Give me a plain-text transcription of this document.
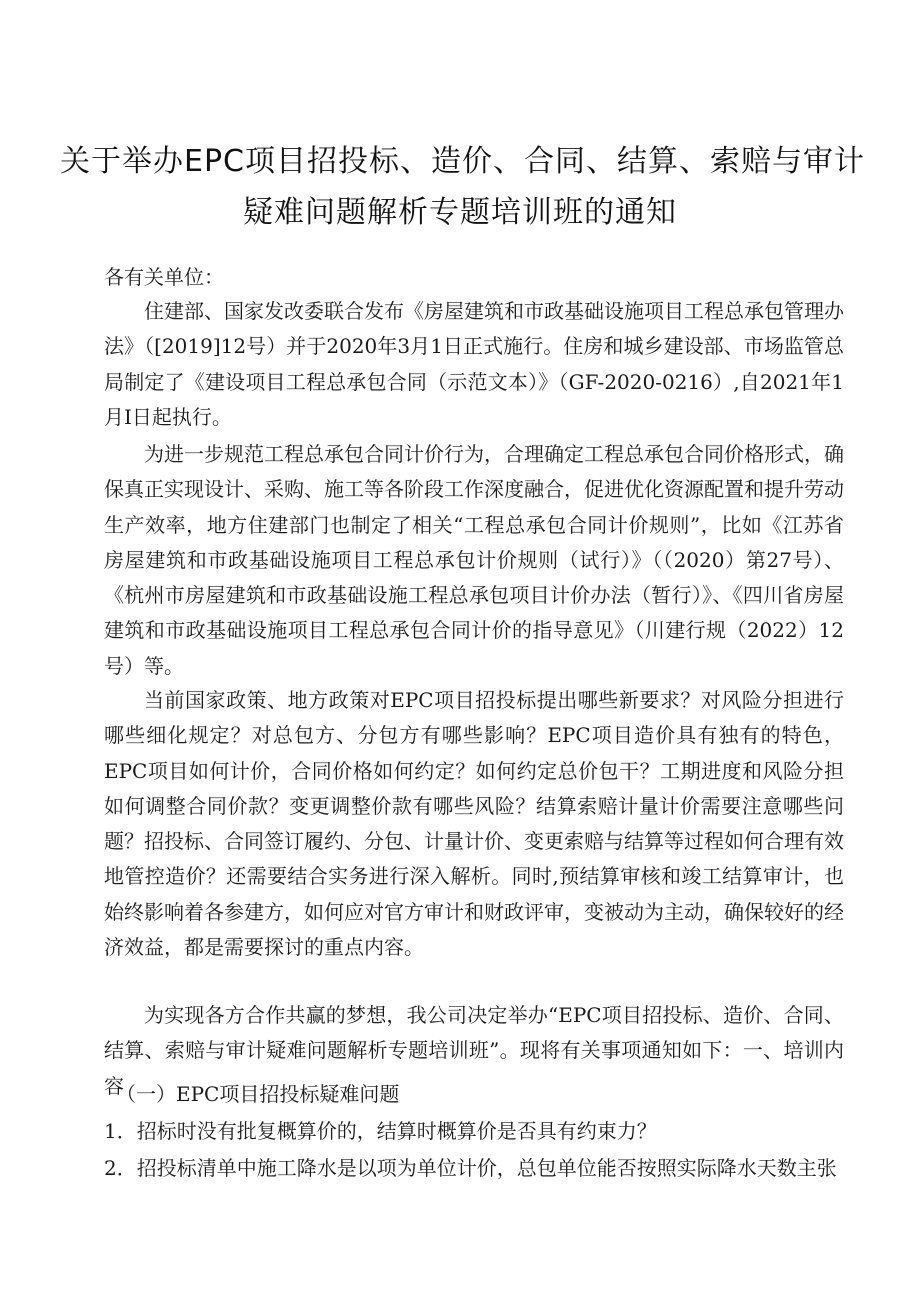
关于举办EPC项目招投标、造价、合同、结算、索赔与审计
疑难问题解析专题培训班的通知
各有关单位：

住建部、国家发改委联合发布《房屋建筑和市政基础设施项目工程总承包管理办法》（[2019]12号）并于2020年3月1日正式施行。住房和城乡建设部、市场监管总局制定了《建设项目工程总承包合同（示范文本）》（GF-2020-0216）,自2021年1月I日起执行。

为进一步规范工程总承包合同计价行为，合理确定工程总承包合同价格形式，确保真正实现设计、采购、施工等各阶段工作深度融合，促进优化资源配置和提升劳动生产效率，地方住建部门也制定了相关“工程总承包合同计价规则”，比如《江苏省房屋建筑和市政基础设施项目工程总承包计价规则（试行）》（（2020）第27号）、《杭州市房屋建筑和市政基础设施工程总承包项目计价办法（暂行）》、《四川省房屋建筑和市政基础设施项目工程总承包合同计价的指导意见》（川建行规（2022）12号）等。

当前国家政策、地方政策对EPC项目招投标提出哪些新要求？对风险分担进行哪些细化规定？对总包方、分包方有哪些影响？EPC项目造价具有独有的特色，EPC项目如何计价，合同价格如何约定？如何约定总价包干？工期进度和风险分担如何调整合同价款？变更调整价款有哪些风险？结算索赔计量计价需要注意哪些问题？招投标、合同签订履约、分包、计量计价、变更索赔与结算等过程如何合理有效地管控造价？还需要结合实务进行深入解析。同时,预结算审核和竣工结算审计，也始终影响着各参建方，如何应对官方审计和财政评审，变被动为主动，确保较好的经济效益，都是需要探讨的重点内容。

为实现各方合作共赢的梦想，我公司决定举办“EPC项目招投标、造价、合同、结算、索赔与审计疑难问题解析专题培训班”。现将有关事项通知如下：一、培训内容

（一）EPC项目招投标疑难问题
1．招标时没有批复概算价的，结算时概算价是否具有约束力？
2．招投标清单中施工降水是以项为单位计价，总包单位能否按照实际降水天数主张
